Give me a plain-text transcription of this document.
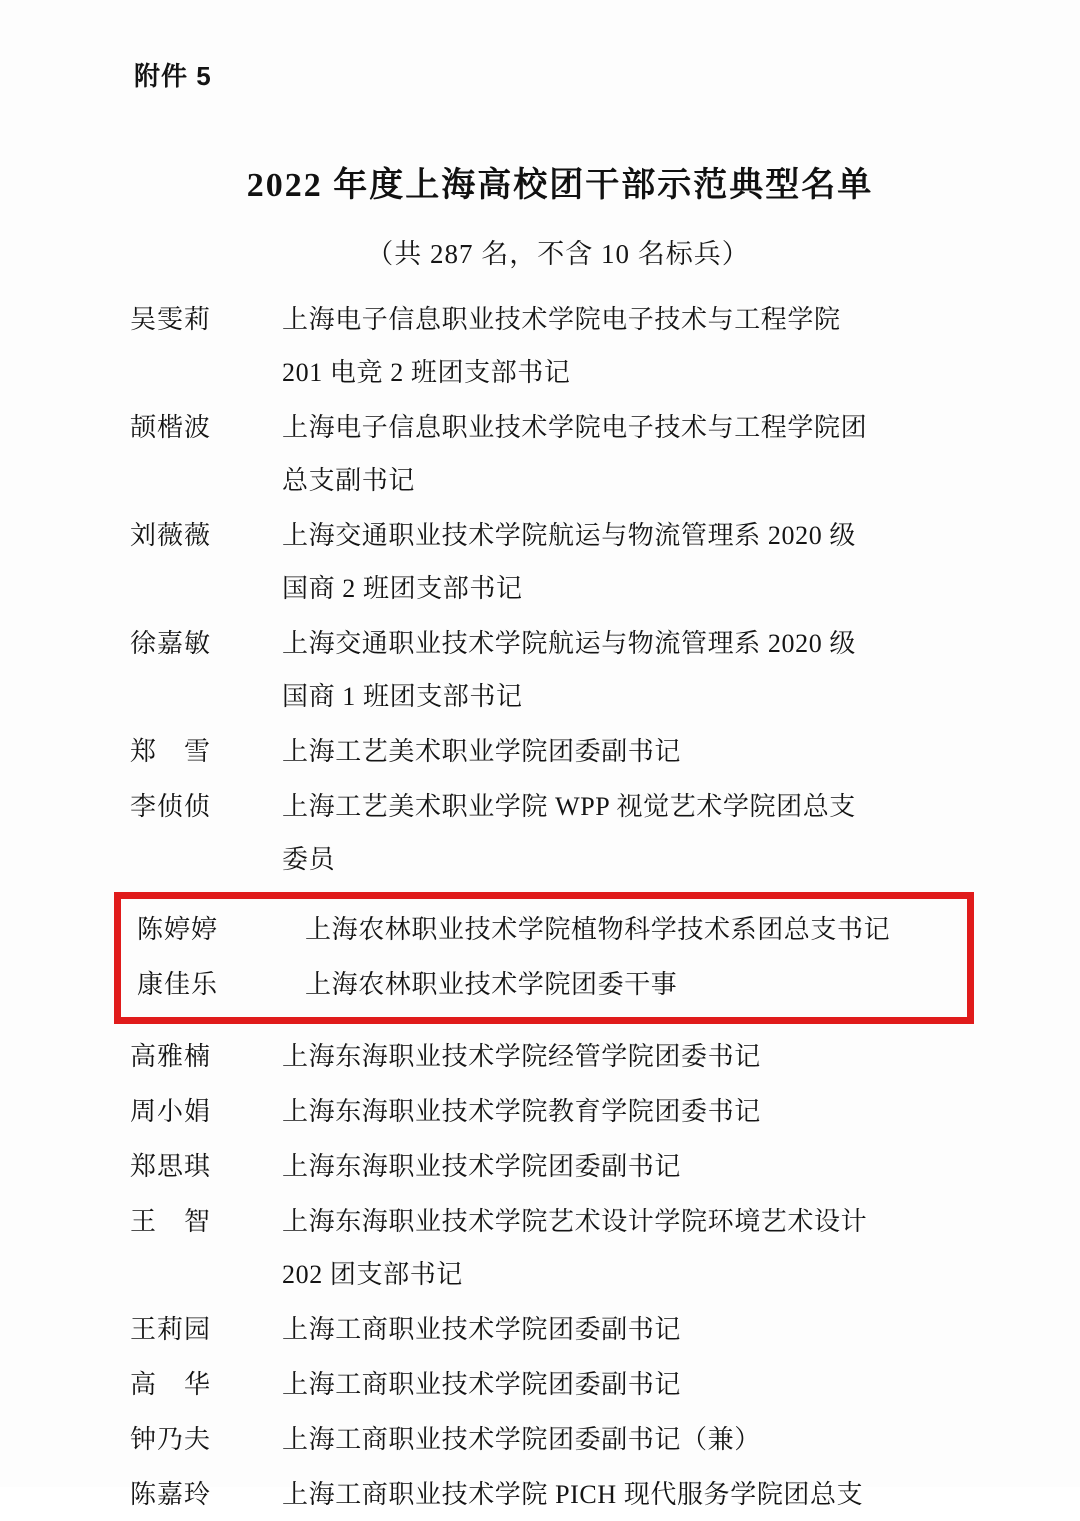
附件 5
2022 年度上海高校团干部示范典型名单
（共 287 名，不含 10 名标兵）
吴雯莉	上海电子信息职业技术学院电子技术与工程学院
201 电竞 2 班团支部书记
颉楷波	上海电子信息职业技术学院电子技术与工程学院团
总支副书记
刘薇薇	上海交通职业技术学院航运与物流管理系 2020 级
国商 2 班团支部书记
徐嘉敏	上海交通职业技术学院航运与物流管理系 2020 级
国商 1 班团支部书记
郑　雪	上海工艺美术职业学院团委副书记
李侦侦	上海工艺美术职业学院 WPP 视觉艺术学院团总支
委员
陈婷婷	上海农林职业技术学院植物科学技术系团总支书记
康佳乐	上海农林职业技术学院团委干事
高雅楠	上海东海职业技术学院经管学院团委书记
周小娟	上海东海职业技术学院教育学院团委书记
郑思琪	上海东海职业技术学院团委副书记
王　智	上海东海职业技术学院艺术设计学院环境艺术设计
202 团支部书记
王莉园	上海工商职业技术学院团委副书记
高　华	上海工商职业技术学院团委副书记
钟乃夫	上海工商职业技术学院团委副书记（兼）
陈嘉玲	上海工商职业技术学院 PICH 现代服务学院团总支
